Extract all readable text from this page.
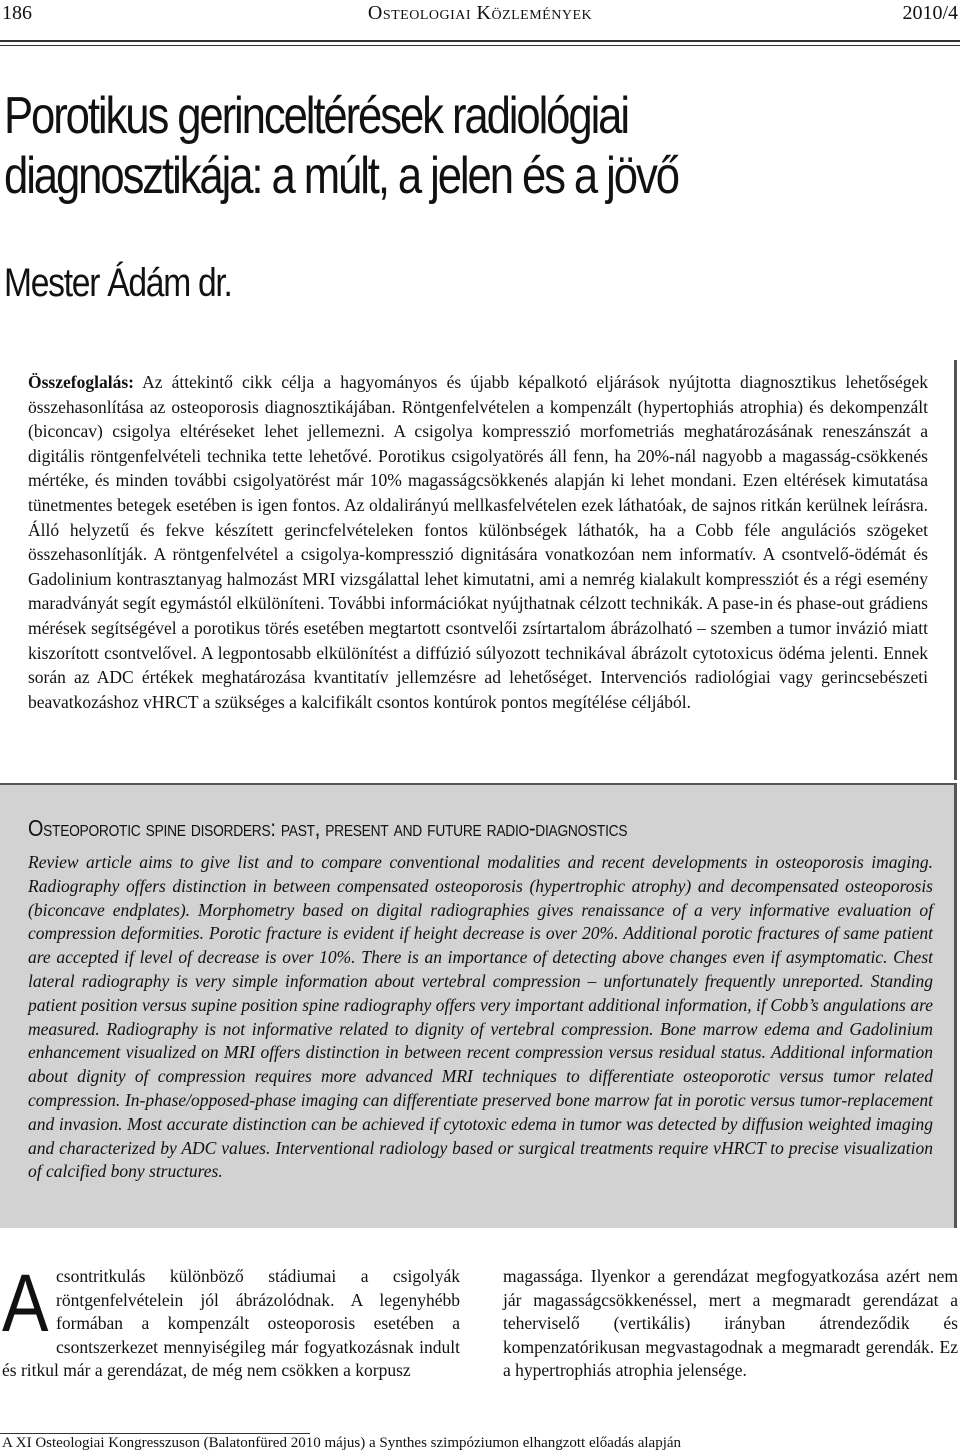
Osteologiai Közlemények
186	2010/4
Porotikus gerinceltérések radiológiai
diagnosztikája: a múlt, a jelen és a jövő

Mester Ádám dr.

Összefoglalás: Az áttekintő cikk célja a hagyományos és újabb képalkotó eljárások nyújtotta diagnosztikus lehetőségek összehasonlítása az osteoporosis diagnosztikájában. Röntgenfelvételen a kompenzált (hypertophiás atrophia) és dekompenzált (biconcav) csigolya eltéréseket lehet jellemezni. A csigolya kompresszió morfometriás meghatározásának reneszánszát a digitális röntgenfelvételi technika tette lehetővé. Porotikus csigolyatörés áll fenn, ha 20%-nál nagyobb a magasság-csökkenés mértéke, és minden további csigolyatörést már 10% magasságcsökkenés alapján ki lehet mondani. Ezen eltérések kimutatása tünetmentes betegek esetében is igen fontos. Az oldalirányú mellkasfelvételen ezek láthatóak, de sajnos ritkán kerülnek leírásra. Álló helyzetű és fekve készített gerincfelvételeken fontos különbségek láthatók, ha a Cobb féle angulációs szögeket összehasonlítják. A röntgenfelvétel a csigolya-kompresszió dignitására vonatkozóan nem informatív. A csontvelő-ödémát és Gadolinium kontrasztanyag halmozást MRI vizsgálattal lehet kimutatni, ami a nemrég kialakult kompressziót és a régi esemény maradványát segít egymástól elkülöníteni. További információkat nyújthatnak célzott technikák. A pase-in és phase-out grádiens mérések segítségével a porotikus törés esetében megtartott csontvelői zsírtartalom ábrázolható – szemben a tumor invázió miatt kiszorított csontvelővel. A legpontosabb elkülönítést a diffúzió súlyozott technikával ábrázolt cytotoxicus ödéma jelenti. Ennek során az ADC értékek meghatározása kvantitatív jellemzésre ad lehetőséget. Intervenciós radiológiai vagy gerincsebészeti beavatkozáshoz vHRCT a szükséges a kalcifikált csontos kontúrok pontos megítélése céljából.

Osteoporotic spine disorders: past, present and future radio-diagnostics

Review article aims to give list and to compare conventional modalities and recent developments in osteoporosis imaging. Radiography offers distinction in between compensated osteoporosis (hypertrophic atrophy) and decompensated osteoporosis (biconcave endplates). Morphometry based on digital radiographies gives renaissance of a very informative evaluation of compression deformities. Porotic fracture is evident if height decrease is over 20%. Additional porotic fractures of same patient are accepted if level of decrease is over 10%. There is an importance of detecting above changes even if asymptomatic. Chest lateral radiography is very simple information about vertebral compression – unfortunately frequently unreported. Standing patient position versus supine position spine radiography offers very important additional information, if Cobb’s angulations are measured. Radiography is not informative related to dignity of vertebral compression. Bone marrow edema and Gadolinium enhancement visualized on MRI offers distinction in between recent compression versus residual status. Additional information about dignity of compression requires more advanced MRI techniques to differentiate osteoporotic versus tumor related compression. In-phase/opposed-phase imaging can differentiate preserved bone marrow fat in porotic versus tumor-replacement and invasion. Most accurate distinction can be achieved if cytotoxic edema in tumor was detected by diffusion weighted imaging and characterized by ADC values. Interventional radiology based or surgical treatments require vHRCT to precise visualization of calcified bony structures.

Acsontritkulás különböző stádiumai a csigolyák röntgenfelvételein jól ábrázolódnak. A legenyhébb formában a kompenzált osteoporosis esetében a csontszerkezet mennyiségileg már fogyatkozásnak indult és ritkul már a gerendázat, de még nem csökken a korpusz
magassága. Ilyenkor a gerendázat megfogyatkozása azért nem jár magasságcsökkenéssel, mert a megmaradt gerendázat a teherviselő (vertikális) irányban átrendeződik és kompenzatórikusan megvastagodnak a megmaradt gerendák. Ez a hypertrophiás atrophia jelensége.

A XI Osteologiai Kongresszuson (Balatonfüred 2010 május) a Synthes szimpóziumon elhangzott előadás alapján
